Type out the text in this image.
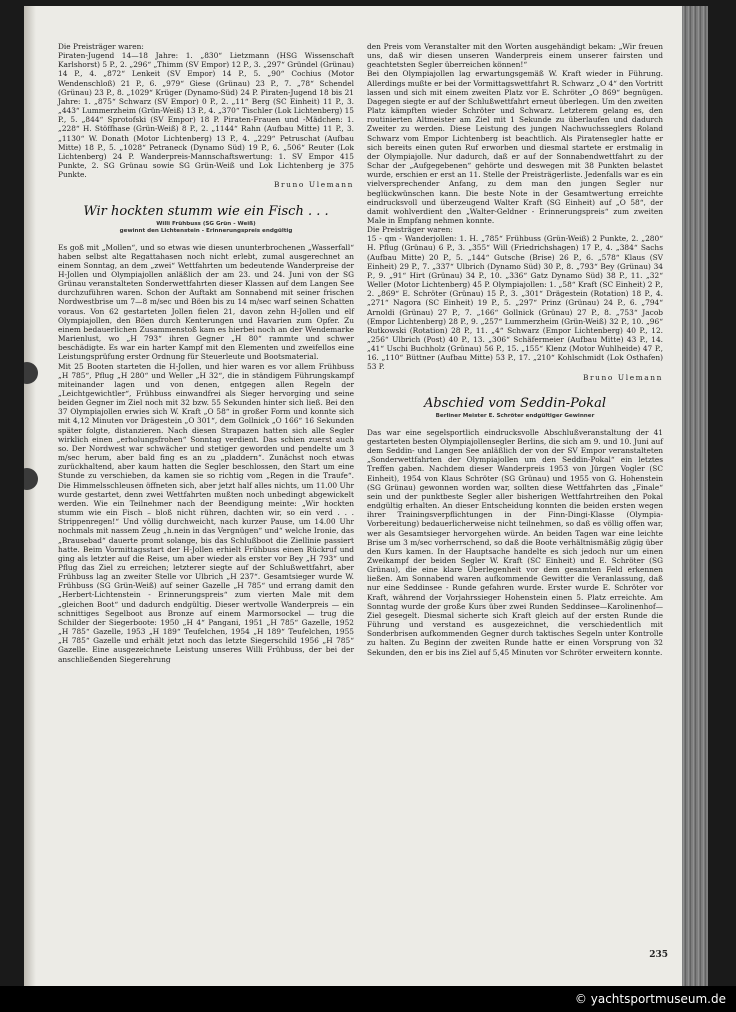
Die Preisträger waren:

Piraten-Jugend 14—18 Jahre: 1. „830“ Lietzmann (HSG Wissenschaft Karlshorst) 5 P., 2. „296“ „Thimm (SV Empor) 12 P., 3. „297“ Gründel (Grünau) 14 P., 4. „872“ Lenkeit (SV Empor) 14 P., 5. „90“ Cochius (Motor Wendenschloß) 21 P., 6. „979“ Giese (Grünau) 23 P., 7. „78“ Schendel (Grünau) 23 P., 8. „1029“ Krüger (Dynamo-Süd) 24 P. Piraten-Jugend 18 bis 21 Jahre: 1. „875“ Schwarz (SV Empor) 0 P., 2. „11“ Berg (SC Einheit) 11 P., 3. „443“ Lummerzheim (Grün-Weiß) 13 P., 4. „370“ Tischler (Lok Lichtenberg) 15 P., 5. „844“ Sprotofski (SV Empor) 18 P. Piraten-Frauen und -Mädchen: 1. „228“ H. Stöffhase (Grün-Weiß) 8 P., 2. „1144“ Rahn (Aufbau Mitte) 11 P., 3. „1130“ W. Donath (Motor Lichtenberg) 13 P., 4. „229“ Petruschat (Aufbau Mitte) 18 P., 5. „1028“ Petraneck (Dynamo Süd) 19 P., 6. „506“ Reuter (Lok Lichtenberg) 24 P. Wanderpreis-Mannschaftswertung: 1. SV Empor 415 Punkte, 2. SG Grünau sowie SG Grün-Weiß und Lok Lichtenberg je 375 Punkte.

Bruno Ulemann

Wir hockten stumm wie ein Fisch . . .
Willi Frühbuss (SG Grün - Weiß)
gewinnt den Lichtenstein - Erinnerungspreis endgültig

Es goß mit „Mollen“, und so etwas wie diesen ununterbrochenen „Wasserfall“ haben selbst alte Regattahasen noch nicht erlebt, zumal ausgerechnet an einem Sonntag, an dem „zwei“ Wettfahrten um bedeutende Wanderpreise der H-Jollen und Olympiajollen anläßlich der am 23. und 24. Juni von der SG Grünau veranstalteten Sonderwettfahrten dieser Klassen auf dem Langen See durchzuführen waren. Schon der Auftakt am Sonnabend mit seiner frischen Nordwestbrise um 7—8 m/sec und Böen bis zu 14 m/sec warf seinen Schatten voraus. Von 62 gestarteten Jollen fielen 21, davon zehn H-Jollen und elf Olympiajollen, den Böen durch Kenterungen und Havarien zum Opfer. Zu einem bedauerlichen Zusammenstoß kam es hierbei noch an der Wendemarke Marienlust, wo „H 793“ ihren Gegner „H 80“ rammte und schwer beschädigte. Es war ein harter Kampf mit den Elementen und zweifellos eine Leistungsprüfung erster Ordnung für Steuerleute und Bootsmaterial.

Mit 25 Booten starteten die H-Jollen, und hier waren es vor allem Frühbuss „H 785“, Pflug „H 280“ und Weller „H 32“, die in ständigem Führungskampf miteinander lagen und von denen, entgegen allen Regeln der „Leichtgewichtler“, Frühbuss einwandfrei als Sieger hervorging und seine beiden Gegner im Ziel noch mit 32 bzw. 55 Sekunden hinter sich ließ. Bei den 37 Olympiajollen erwies sich W. Kraft „O 58“ in großer Form und konnte sich mit 4,12 Minuten vor Drägestein „O 301“, dem Gollnick „O 166“ 16 Sekunden später folgte, distanzieren. Nach diesen Strapazen hatten sich alle Segler wirklich einen „erholungsfrohen“ Sonntag verdient. Das schien zuerst auch so. Der Nordwest war schwächer und stetiger geworden und pendelte um 3 m/sec herum, aber bald fing es an zu „pladdern“. Zunächst noch etwas zurückhaltend, aber kaum hatten die Segler beschlossen, den Start um eine Stunde zu verschieben, da kamen sie so richtig vom „Regen in die Traufe“. Die Himmelsschleusen öffneten sich, aber jetzt half alles nichts, um 11.00 Uhr wurde gestartet, denn zwei Wettfahrten mußten noch unbedingt abgewickelt werden. Wie ein Teilnehmer nach der Beendigung meinte: „Wir hockten stumm wie ein Fisch – bloß nicht rühren, dachten wir, so ein verd . . . Strippenregen!“ Und völlig durchweicht, nach kurzer Pause, um 14.00 Uhr nochmals mit nassem Zeug „h.nein in das Vergnügen“ und“ welche Ironie, das „Brausebad“ dauerte promt solange, bis das Schlußboot die Ziellinie passiert hatte. Beim Vormittagsstart der H-Jollen erhielt Frühbuss einen Rückruf und ging als letzter auf die Reise, um aber wieder als erster vor Bey „H 793“ und Pflug das Ziel zu erreichen; letzterer siegte auf der Schlußwettfahrt, aber Frühbuss lag an zweiter Stelle vor Ulbrich „H 237“. Gesamtsieger wurde W. Frühbuss (SG Grün-Weiß) auf seiner Gazelle „H 785“ und errang damit den „Herbert-Lichtenstein - Erinnerungspreis“ zum vierten Male mit dem „gleichen Boot“ und dadurch endgültig. Dieser wertvolle Wanderpreis — ein schnittiges Segelboot aus Bronze auf einem Marmorsockel — trug die Schilder der Siegerboote: 1950 „H 4“ Pangani, 1951 „H 785“ Gazelle, 1952 „H 785“ Gazelle, 1953 „H 189“ Teufelchen, 1954 „H 189“ Teufelchen, 1955 „H 785“ Gazelle und erhält jetzt noch das letzte Siegerschild 1956 „H 785“ Gazelle. Eine ausgezeichnete Leistung unseres Willi Frühbuss, der bei der anschließenden Siegerehrung

den Preis vom Veranstalter mit den Worten ausgehändigt bekam: „Wir freuen uns, daß wir diesen unseren Wanderpreis einem unserer fairsten und geachtetsten Segler überreichen können!“

Bei den Olympiajollen lag erwartungsgemäß W. Kraft wieder in Führung. Allerdings mußte er bei der Vormittagswettfahrt R. Schwarz „O 4“ den Vortritt lassen und sich mit einem zweiten Platz vor E. Schröter „O 869“ begnügen. Dagegen siegte er auf der Schlußwettfahrt erneut überlegen. Um den zweiten Platz kämpften wieder Schröter und Schwarz. Letzterem gelang es, den routinierten Altmeister am Ziel mit 1 Sekunde zu überlaufen und dadurch Zweiter zu werden. Diese Leistung des jungen Nachwuchsseglers Roland Schwarz vom Empor Lichtenberg ist beachtlich. Als Piratensegler hatte er sich bereits einen guten Ruf erworben und diesmal startete er erstmalig in der Olympiajolle. Nur dadurch, daß er auf der Sonnabendwettfahrt zu der Schar der „Aufgegebenen“ gehörte und deswegen mit 38 Punkten belastet wurde, erschien er erst an 11. Stelle der Preisträgerliste. Jedenfalls war es ein vielversprechender Anfang, zu dem man den jungen Segler nur beglückwünschen kann. Die beste Note in der Gesamtwertung erreichte eindrucksvoll und überzeugend Walter Kraft (SG Einheit) auf „O 58“, der damit wohlverdient den „Walter-Geldner - Erinnerungspreis“ zum zweiten Male in Empfang nehmen konnte.

Die Preisträger waren:

15 - qm - Wanderjollen: 1. H. „785“ Frühbuss (Grün-Weiß) 2 Punkte, 2. „280“ H. Pflug (Grünau) 6 P., 3. „355“ Will (Friedrichshagen) 17 P., 4. „384“ Sachs (Aufbau Mitte) 20 P., 5. „144“ Gutsche (Brise) 26 P., 6. „578“ Klaus (SV Einheit) 29 P., 7. „337“ Ulbrich (Dynamo Süd) 30 P., 8. „793“ Bey (Grünau) 34 P., 9. „91“ Hirt (Grünau) 34 P., 10. „336“ Gatz Dynamo Süd) 38 P., 11. „32“ Weller (Motor Lichtenberg) 45 P. Olympiajollen: 1. „58“ Kraft (SC Einheit) 2 P., 2. „869“ E. Schröter (Grünau) 15 P., 3. „301“ Drägestein (Rotation) 18 P., 4. „271“ Nagora (SC Einheit) 19 P., 5. „297“ Prinz (Grünau) 24 P., 6. „794“ Arnoldi (Grünau) 27 P., 7. „166“ Gollnick (Grünau) 27 P., 8. „753“ Jacob (Empor Lichtenberg) 28 P., 9. „257“ Lummerzheim (Grün-Weiß) 32 P., 10. „96“ Rutkowski (Rotation) 28 P., 11. „4“ Schwarz (Empor Lichtenberg) 40 P., 12. „256“ Ulbrich (Post) 40 P., 13. „306“ Schäfermeier (Aufbau Mitte) 43 P., 14. „41“ Uschi Buchholz (Grünau) 56 P., 15. „155“ Klenz (Motor Wuhlheide) 47 P., 16. „110“ Büttner (Aufbau Mitte) 53 P., 17. „210“ Kohlschmidt (Lok Osthafen) 53 P.

Bruno Ulemann

Abschied vom Seddin-Pokal
Berliner Meister E. Schröter endgültiger Gewinner

Das war eine segelsportlich eindrucksvolle Abschlußveranstaltung der 41 gestarteten besten Olympiajollensegler Berlins, die sich am 9. und 10. Juni auf dem Seddin- und Langen See anläßlich der von der SV Empor veranstalteten „Sonderwettfahrten der Olympiajollen um den Seddin-Pokal“ ein letztes Treffen gaben. Nachdem dieser Wanderpreis 1953 von Jürgen Vogler (SC Einheit), 1954 von Klaus Schröter (SG Grünau) und 1955 von G. Hohenstein (SG Grünau) gewonnen worden war, sollten diese Wettfahrten das „Finale“ sein und der punktbeste Segler aller bisherigen Wettfahrtreihen den Pokal endgültig erhalten. An dieser Entscheidung konnten die beiden ersten wegen ihrer Trainingsverpflichtungen in der Finn-Dingi-Klasse (Olympia-Vorbereitung) bedauerlicherweise nicht teilnehmen, so daß es völlig offen war, wer als Gesamtsieger hervorgehen würde. An beiden Tagen war eine leichte Brise um 3 m/sec vorherrschend, so daß die Boote verhältnismäßig zügig über den Kurs kamen. In der Hauptsache handelte es sich jedoch nur um einen Zweikampf der beiden Segler W. Kraft (SC Einheit) und E. Schröter (SG Grünau), die eine klare Überlegenheit vor dem gesamten Feld erkennen ließen. Am Sonnabend waren aufkommende Gewitter die Veranlassung, daß nur eine Seddinsee - Runde gefahren wurde. Erster wurde E. Schröter vor Kraft, während der Vorjahrssieger Hohenstein einen 5. Platz erreichte. Am Sonntag wurde der große Kurs über zwei Runden Seddinsee—Karolinenhof—Ziel gesegelt. Diesmal sicherte sich Kraft gleich auf der ersten Runde die Führung und verstand es ausgezeichnet, die verschiedentlich mit Sonderbrisen aufkommenden Gegner durch taktisches Segeln unter Kontrolle zu halten. Zu Beginn der zweiten Runde hatte er einen Vorsprung von 32 Sekunden, den er bis ins Ziel auf 5,45 Minuten vor Schröter erweitern konnte.

235
© yachtsportmuseum.de
